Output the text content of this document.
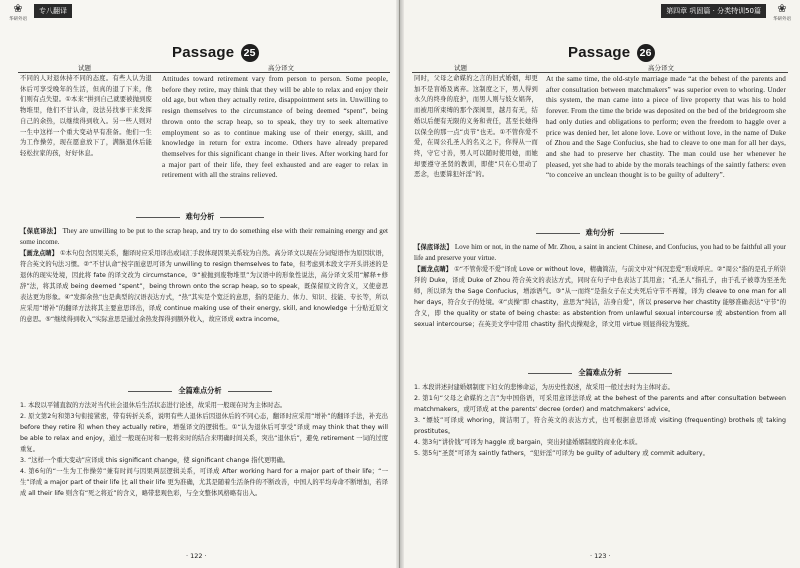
❀
华研外语
专八翻译
Passage 25
试题	高分译文
不同的人对退休持不同的态度。有些人认为退休后可享受晚年的生活，但真的退了下来，他们则有点失望。①本来“拼到自己就要被抛到废物堆里，他们不甘认命，设法另找事干来发挥自己的余热，以继续得到收入。另一些人则对一生中这样一个重大变动早有准备。他们一生为工作操劳，现在愿意放下了，满脑退休后能轻松拉家的孩，好好休息。
Attitudes toward retirement vary from person to person. Some people, before they retire, may think that they will be able to relax and enjoy their old age, but when they actually retire, disappointment sets in. Unwilling to resign themselves to the circumstance of being deemed “spent”, being thrown onto the scrap heap, so to speak, they try to seek alternative employment so as to continue making use of their energy, skill, and knowledge in return for extra income. Others have already prepared themselves for this significant change in their lives. After working hard for a major part of their life, they feel exhausted and are eager to relax in retirement with all the strains relieved.
难句分析
【保底译法】 They are unwilling to be put to the scrap heap, and try to do something else with their remaining energy and get some income.
【画龙点睛】 ①本句包含因果关系，翻译时应采用译出或词汇手段体现因果关系较为自然。高分译文以现在分词短语作为原因状语，符合英文的句法习惯。②“不甘认命”按字面意思可译为 unwilling to resign themselves to fate，但考虑到本段文字开头讲述的是退休的现实处境，因此将 fate 的译文改为 circumstance。③“被抛到废物堆里”为汉语中的形象性说法，高分译文采用“解释+修辞”法，将其译成 being deemed “spent”，being thrown onto the scrap heap, so to speak，既保留原文的含义，又使意思表达更为形象。④“发挥余热”也是典型的汉语表达方式，“热”其实是个宽泛的意思，指的是能力、体力、知识、技能、专长等，所以应采用“增补”的翻译方法将其主要意思译出，译成 continue making use of their energy, skill, and knowledge 十分贴近原文的意思。⑤“继续得到收入”实际意思是通过余热发挥得到额外收入，故应译成 extra income。
全篇难点分析
1. 本段以平铺直叙的方法对当代社会退休后生活状态进行论述，故采用一般现在时为主体时态。
2. 原文第2句和第3句衔接紧密，带有转折关系，说明有些人退休后因退休后的不同心态，翻译时应采用“增补”的翻译手法，补充出 before they retire 和 when they actually retire，增强译文的逻辑性。①“认为退休后可享受”译成 may think that they will be able to relax and enjoy，通过一般现在时和一般将来时的结合来明确时间关系，突出“退休后”，避免 retirement 一词的过度重复。
3. “这样一个重大变动”应译成 this significant change，使 significant change 指代更明确。
4. 第6句的“一生为工作操劳”兼有时间与因果两层逻辑关系，可译成 After working hard for a major part of their life；“一生”译成 a major part of their life 比 all their life 更为准确，尤其是随着生活条件的不断改善，中国人的平均寿命不断增加，若译成 all their life 则含有“死之将近”的含义，略带悲观色彩，与全文整体风格略有出入。
· 122 ·
❀
华研外语
第四章 巩固篇 · 分类特训50篇
Passage 26
试题	高分译文
同时，父母之命媒妁之言的旧式婚姻，却更加不是盲婚及离弃。这制度之下，男人得到永久的终身的庇护，而男人则与妓女娼奔，而被用所束缚的那个深闺里，越月有无，结婚以后便有无限的义务和责任，甚至长她得以保全的那一点“贞节”也无。①不管你爱不爱，在周公孔圣人的名义之下，你得从一而终，守它寸善，男人可以随时使用她，而她却要遵守圣贤的教训，即使“只在心里动了恶念，也要算犯奸淫”的。
At the same time, the old-style marriage made “at the behest of the parents and after consultation between matchmakers” was superior even to whoring. Under this system, the man came into a piece of live property that was his to hold forever. From the time the bride was deposited on the bed of the bridegroom she had only duties and obligations to perform; even the freedom to haggle over a price was denied her, let alone love. Love or without love, in the name of Duke of Zhou and the Sage Confucius, she had to cleave to one man for all her days, and she had to preserve her chastity. The man could use her whenever he pleased, yet she had to abide by the morals teachings of the saintly fathers: even “to conceive an unclean thought is to be guilty of adultery”.
难句分析
【保底译法】 Love him or not, in the name of Mr. Zhou, a saint in ancient Chinese, and Confucius, you had to be faithful all your life and preserve your virtue.
【画龙点睛】 ①“不管你爱不爱”译成 Love or without love，精确简洁，与前文中对“何况恋爱”形成呼应。②“周公”指的是孔子所崇拜的 Duke，译成 Duke of Zhou 符合英文的表达方式，同时在句子中也表达了其用意；“孔圣人”指孔子，由于孔子被尊为至圣先师，所以译为 the Sage Confucius，增添语气。③“从一而终”是指女子在丈夫死后守节不再嫁，译为 cleave to one man for all her days，符合女子的处境。④“贞操”即 chastity，意思为“纯洁，洁身自爱”，所以 preserve her chastity 能够准确表达“守节”的含义，即 the quality or state of being chaste: as abstention from unlawful sexual intercourse 或 abstention from all sexual intercourse；在英美文学中常用 chastity 指代贞操观念，译文用 virtue 则显得较为笼统。
全篇难点分析
1. 本段讲述封建婚姻制度下妇女的悲惨命运，为历史性叙述，故采用一般过去时为主体时态。
2. 第1句“父母之命媒妁之言”为中国俗语，可采用意译法译成 at the behest of the parents and after consultation between matchmakers，或可译成 at the parents’ decree (order) and matchmakers’ advice。
3. “嫖妓”可译成 whoring，简洁明了，符合英文的表达方式，也可根据意思译成 visiting (frequenting) brothels 或 taking prostitutes。
4. 第3句“讲价钱”可译为 haggle 或 bargain，突出封建婚姻制度的商业化本质。
5. 第5句“圣贤”可译为 saintly fathers，“犯奸淫”可译为 be guilty of adultery 或 commit adultery。
· 123 ·
